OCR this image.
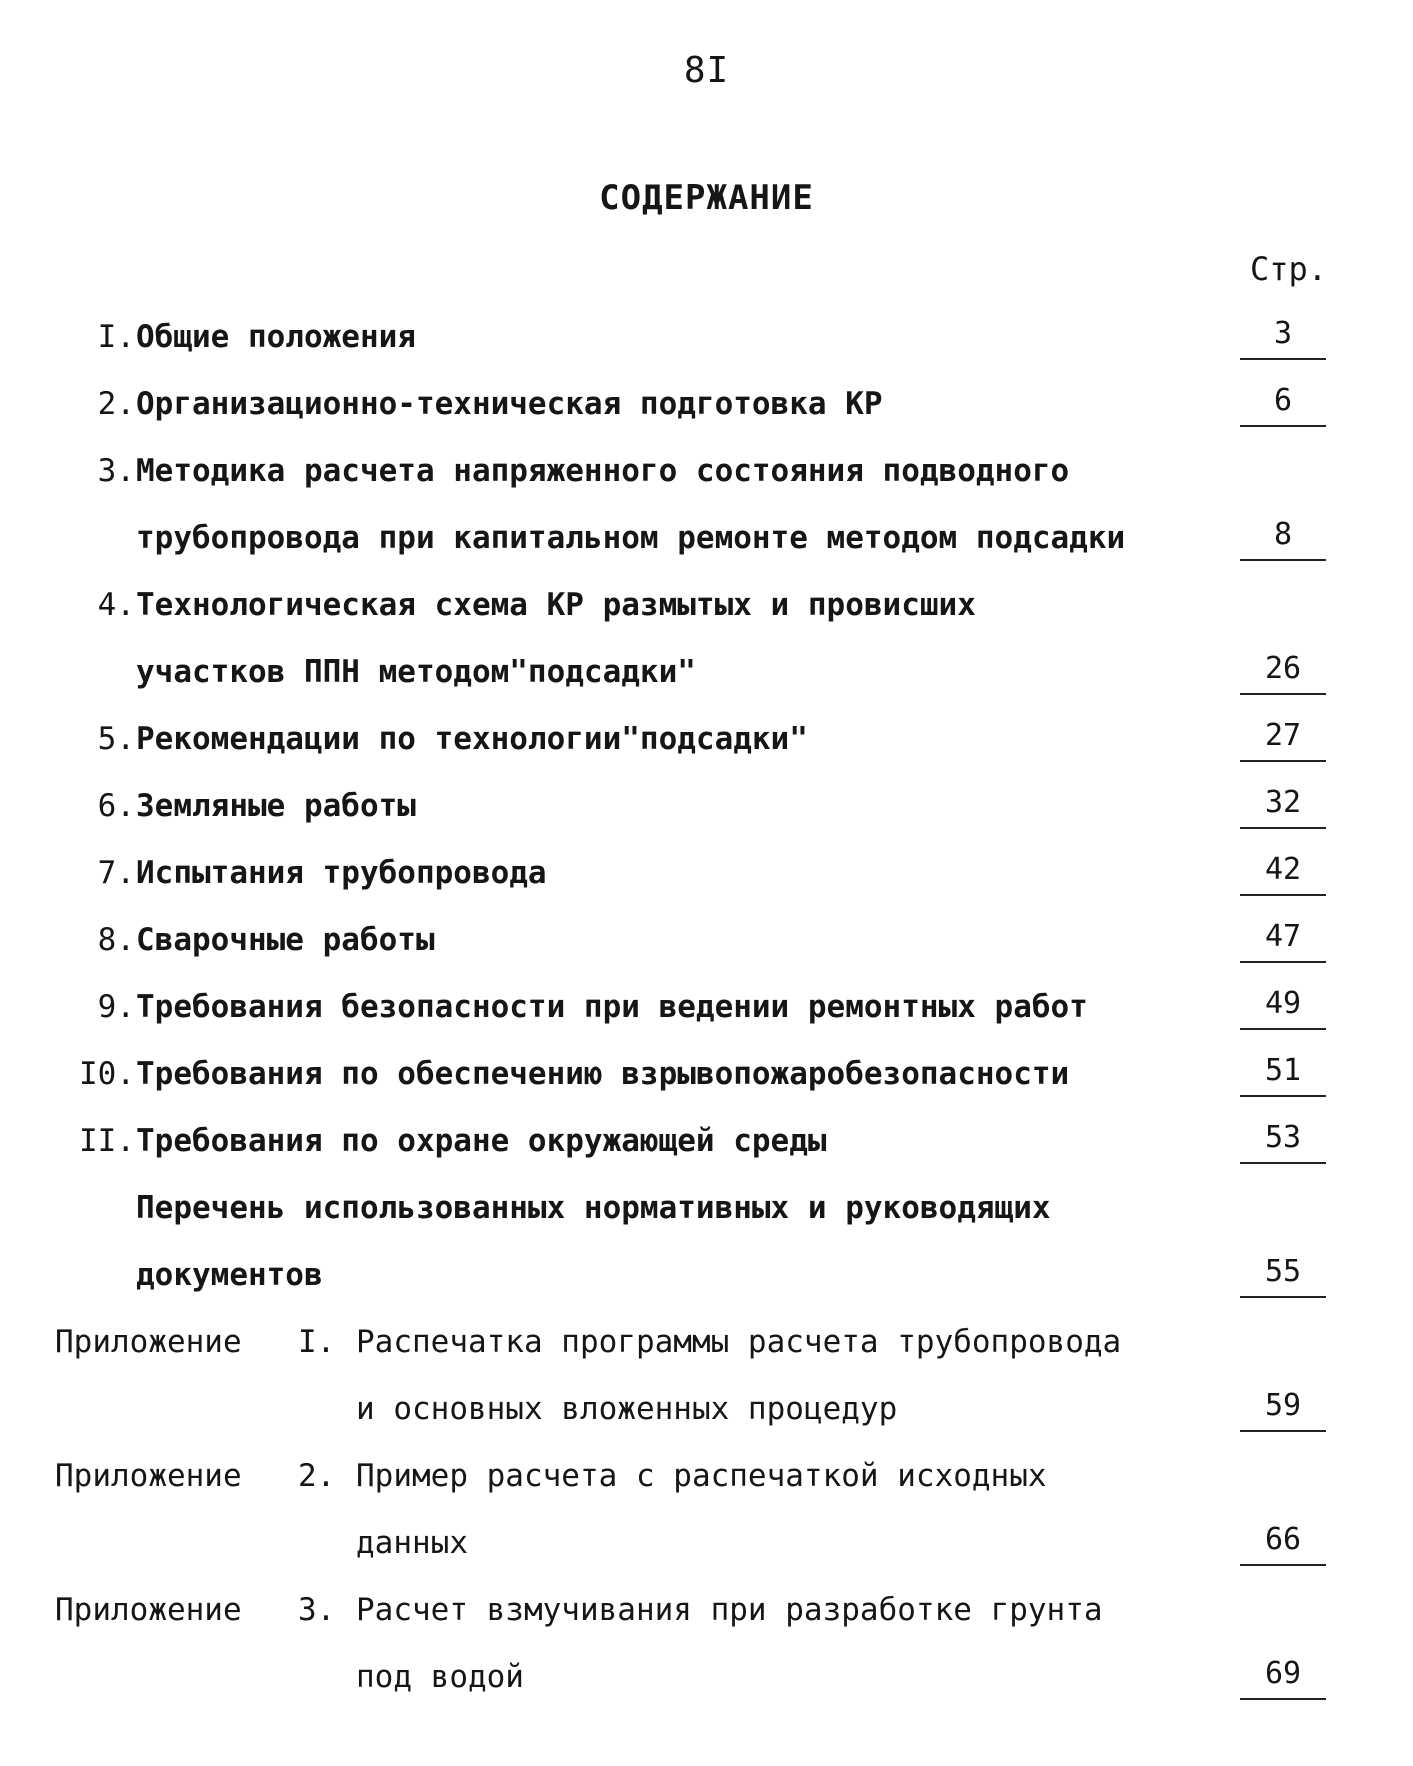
8I
СОДЕРЖАНИЕ
Стр.
I. Общие положения	3
2. Организационно-техническая подготовка КР	6
3. Методика расчета напряженного состояния подводного
трубопровода при капитальном ремонте методом подсадки	8
4. Технологическая схема КР размытых и провисших
участков ППН методом"подсадки"	26
5. Рекомендации по технологии"подсадки"	27
6. Земляные работы	32
7. Испытания трубопровода	42
8. Сварочные работы	47
9. Требования безопасности при ведении ремонтных работ	49
I0. Требования по обеспечению взрывопожаробезопасности	51
II. Требования по охране окружающей среды	53
Перечень использованных нормативных и руководящих
документов	55
Приложение I. Распечатка программы расчета трубопровода
и основных вложенных процедур	59
Приложение 2. Пример расчета с распечаткой исходных
данных	66
Приложение 3. Расчет взмучивания при разработке грунта
под водой	69
